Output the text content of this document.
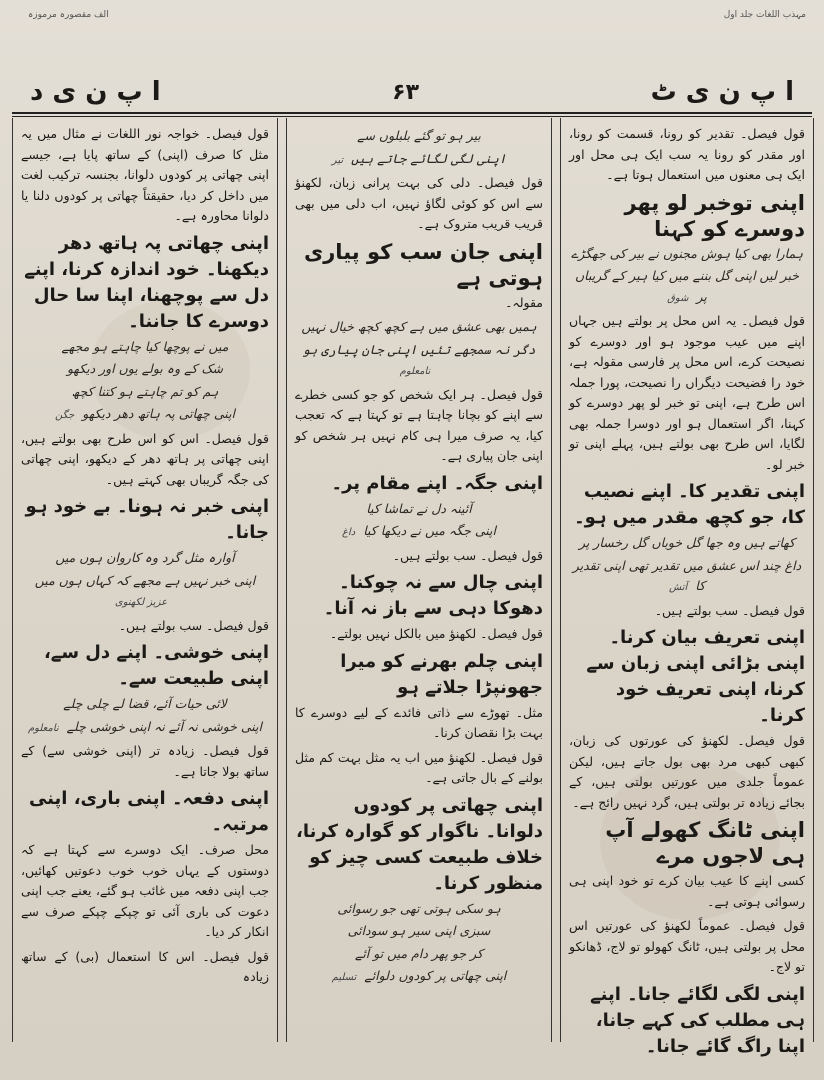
مہذب اللغات جلد اول
الف مقصورہ مرموزہ
ا پ ن ی ٹ
۶۳
ا پ ن ی د

قول فیصل۔ تقدیر کو رونا، قسمت کو رونا، اور مقدر کو رونا یہ سب ایک ہی محل اور ایک ہی معنوں میں استعمال ہوتا ہے۔

اپنی توخبر لو پھر دوسرے کو کہنا
ہمارا بھی کیا ہوش مجنوں نے بیر کی جھگڑے
خبر لیں اپنی گل بننے میں کیا ہیر کے گریباں پرشوق

قول فیصل۔ یہ اس محل پر بولتے ہیں جہاں اپنے میں عیب موجود ہو اور دوسرے کو نصیحت کرے، اس محل پر فارسی مقولہ ہے، خود را فضیحت دیگراں را نصیحت، پورا جملہ اس طرح ہے، اپنی تو خبر لو پھر دوسرے کو کہنا، اگر استعمال ہو اور دوسرا جملہ بھی لگایا، اس طرح بھی بولتے ہیں، پہلے اپنی تو خبر لو۔

اپنی تقدیر کا۔ اپنے نصیب کا، جو کچھ مقدر میں ہو۔
کھاتے ہیں وہ جھا گل خوباں گل رخسار پر
داغ چند اس عشق میں تقدیر تھی اپنی تقدیر کاآتش

قول فیصل۔ سب بولتے ہیں۔

اپنی تعریف بیان کرنا۔ اپنی بڑائی اپنی زبان سے کرنا، اپنی تعریف خود کرنا۔

قول فیصل۔ لکھنؤ کی عورتوں کی زبان، کبھی کبھی مرد بھی بول جاتے ہیں، لیکن عموماً جلدی میں عورتیں بولتی ہیں، کے بجائے زیادہ تر بولتی ہیں، گرد نہیں رائج ہے۔

اپنی ٹانگ کھولے آپ ہی لاجوں مرے

کسی اپنے کا عیب بیان کرے تو خود اپنی ہی رسوائی ہوتی ہے۔

قول فیصل۔ عموماً لکھنؤ کی عورتیں اس محل پر بولتی ہیں، ٹانگ کھولو تو لاج، ڈھانکو تو لاج۔

اپنی لگی لگائے جانا۔ اپنے ہی مطلب کی کہے جانا، اپنا راگ گائے جانا۔
بیر ہو تو گئے بلبلوں سے
اپنی لگی لگائے جاتے ہیںتیر

قول فیصل۔ دلی کی بہت پرانی زبان، لکھنؤ سے اس کو کوئی لگاؤ نہیں، اب دلی میں بھی قریب قریب متروک ہے۔

اپنی جان سب کو پیاری ہوتی ہے

مقولہ۔

ہمیں بھی عشق میں ہے کچھ کچھ خیال نہیں
دگر نہ سمجھے تئیں اپنی جان پیاری ہونامعلوم

قول فیصل۔ ہر ایک شخص کو جو کسی خطرے سے اپنے کو بچانا چاہتا ہے تو کہتا ہے کہ تعجب کیا، یہ صرف میرا ہی کام نہیں ہر شخص کو اپنی جان پیاری ہے۔

اپنی جگہ۔ اپنے مقام پر۔
آئینہ دل نے تماشا کیا
اپنی جگہ میں نے دیکھا کیاداغ

قول فیصل۔ سب بولتے ہیں۔

اپنی چال سے نہ چوکنا۔ دھوکا دہی سے باز نہ آنا۔

قول فیصل۔ لکھنؤ میں بالکل نہیں بولتے۔

اپنی چلم بھرنے کو میرا جھونپڑا جلاتے ہو

مثل۔ تھوڑے سے ذاتی فائدے کے لیے دوسرے کا بہت بڑا نقصان کرنا۔

قول فیصل۔ لکھنؤ میں اب یہ مثل بہت کم مثل بولنے کے بال جاتی ہے۔

اپنی چھاتی پر کودوں دلوانا۔ ناگوار کو گوارہ کرنا، خلاف طبیعت کسی چیز کو منظور کرنا۔
ہو سکی ہوتی تھی جو رسوائی
سبزی اپنی سیر ہو سودائی
کر جو پھر دام میں تو آئے
اپنی چھاتی پر کودوں دلوائےتسلیم

قول فیصل۔ خواجہ نور اللغات نے مثال میں یہ مثل کا صرف (اپنی) کے ساتھ پایا ہے، جیسے اپنی چھاتی پر کودوں دلوانا، بجنسہ ترکیب لغت میں داخل کر دیا، حقیقتاً چھاتی پر کودوں دلنا یا دلوانا محاورہ ہے۔

اپنی چھاتی پہ ہاتھ دھر دیکھنا۔ خود اندازہ کرنا، اپنے دل سے پوچھنا، اپنا سا حال دوسرے کا جاننا۔
میں نے پوچھا کیا چاہتے ہو مجھے
شک کے وہ بولے یوں اور دیکھو
ہم کو تم چاہتے ہو کتنا کچھ
اپنی چھاتی پہ ہاتھ دھر دیکھوجگن

قول فیصل۔ اس کو اس طرح بھی بولتے ہیں، اپنی چھاتی پر ہاتھ دھر کے دیکھو، اپنی چھاتی کی جگہ گریباں بھی کہتے ہیں۔

اپنی خبر نہ ہونا۔ بے خود ہو جانا۔
آوارہ مثل گرد وہ کاروان ہوں میں
اپنی خبر نہیں ہے مجھے کہ کہاں ہوں میںعزیز لکھنوی

قول فیصل۔ سب بولتے ہیں۔

اپنی خوشی۔ اپنے دل سے، اپنی طبیعت سے۔
لائی حیات آئے، قضا لے چلی چلے
اپنی خوشی نہ آئے نہ اپنی خوشی چلےنامعلوم

قول فیصل۔ زیادہ تر (اپنی خوشی سے) کے ساتھ بولا جاتا ہے۔

اپنی دفعہ۔ اپنی باری، اپنی مرتبہ۔

محل صرف۔ ایک دوسرے سے کہتا ہے کہ دوستوں کے یہاں خوب خوب دعوتیں کھائیں، جب اپنی دفعہ میں غائب ہو گئے، یعنے جب اپنی دعوت کی باری آئی تو چپکے چپکے صرف سے انکار کر دیا۔

قول فیصل۔ اس کا استعمال (بی) کے ساتھ زیادہ
